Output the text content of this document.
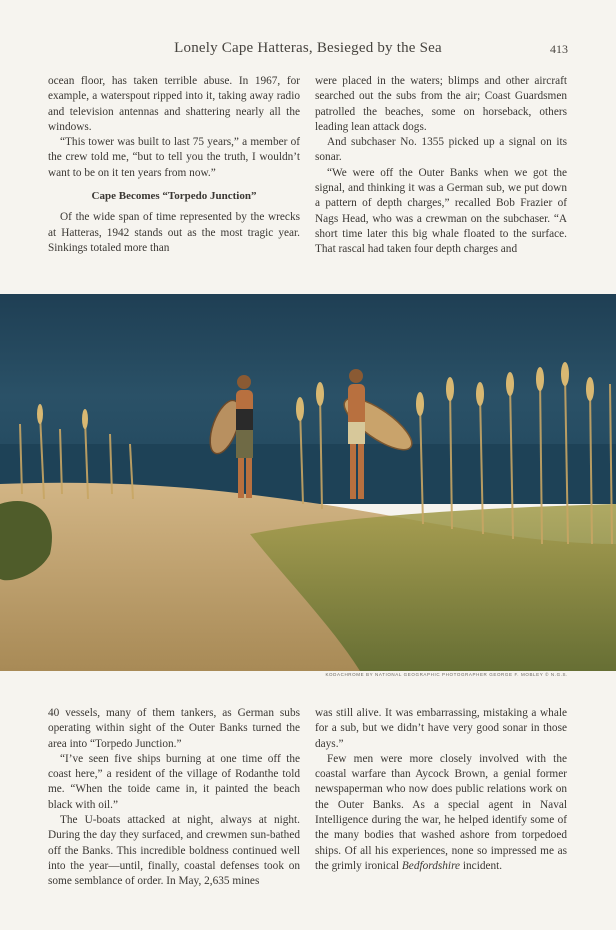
Lonely Cape Hatteras, Besieged by the Sea	413

ocean floor, has taken terrible abuse. In 1967, for example, a waterspout ripped into it, taking away radio and television antennas and shattering nearly all the windows.

“This tower was built to last 75 years,” a member of the crew told me, “but to tell you the truth, I wouldn’t want to be on it ten years from now.”

Cape Becomes “Torpedo Junction”

Of the wide span of time represented by the wrecks at Hatteras, 1942 stands out as the most tragic year. Sinkings totaled more than

were placed in the waters; blimps and other aircraft searched out the subs from the air; Coast Guardsmen patrolled the beaches, some on horseback, others leading lean attack dogs.

And subchaser No. 1355 picked up a signal on its sonar.

“We were off the Outer Banks when we got the signal, and thinking it was a German sub, we put down a pattern of depth charges,” recalled Bob Frazier of Nags Head, who was a crewman on the subchaser. “A short time later this big whale floated to the surface. That rascal had taken four depth charges and

KODACHROME BY NATIONAL GEOGRAPHIC PHOTOGRAPHER GEORGE F. MOBLEY © N.G.S.

40 vessels, many of them tankers, as German subs operating within sight of the Outer Banks turned the area into “Torpedo Junction.”

“I’ve seen five ships burning at one time off the coast here,” a resident of the village of Rodanthe told me. “When the toide came in, it painted the beach black with oil.”

The U-boats attacked at night, always at night. During the day they surfaced, and crewmen sun-bathed off the Banks. This incredible boldness continued well into the year—until, finally, coastal defenses took on some semblance of order. In May, 2,635 mines

was still alive. It was embarrassing, mistaking a whale for a sub, but we didn’t have very good sonar in those days.”

Few men were more closely involved with the coastal warfare than Aycock Brown, a genial former newspaperman who now does public relations work on the Outer Banks. As a special agent in Naval Intelligence during the war, he helped identify some of the many bodies that washed ashore from torpedoed ships. Of all his experiences, none so impressed me as the grimly ironical Bedfordshire incident.
